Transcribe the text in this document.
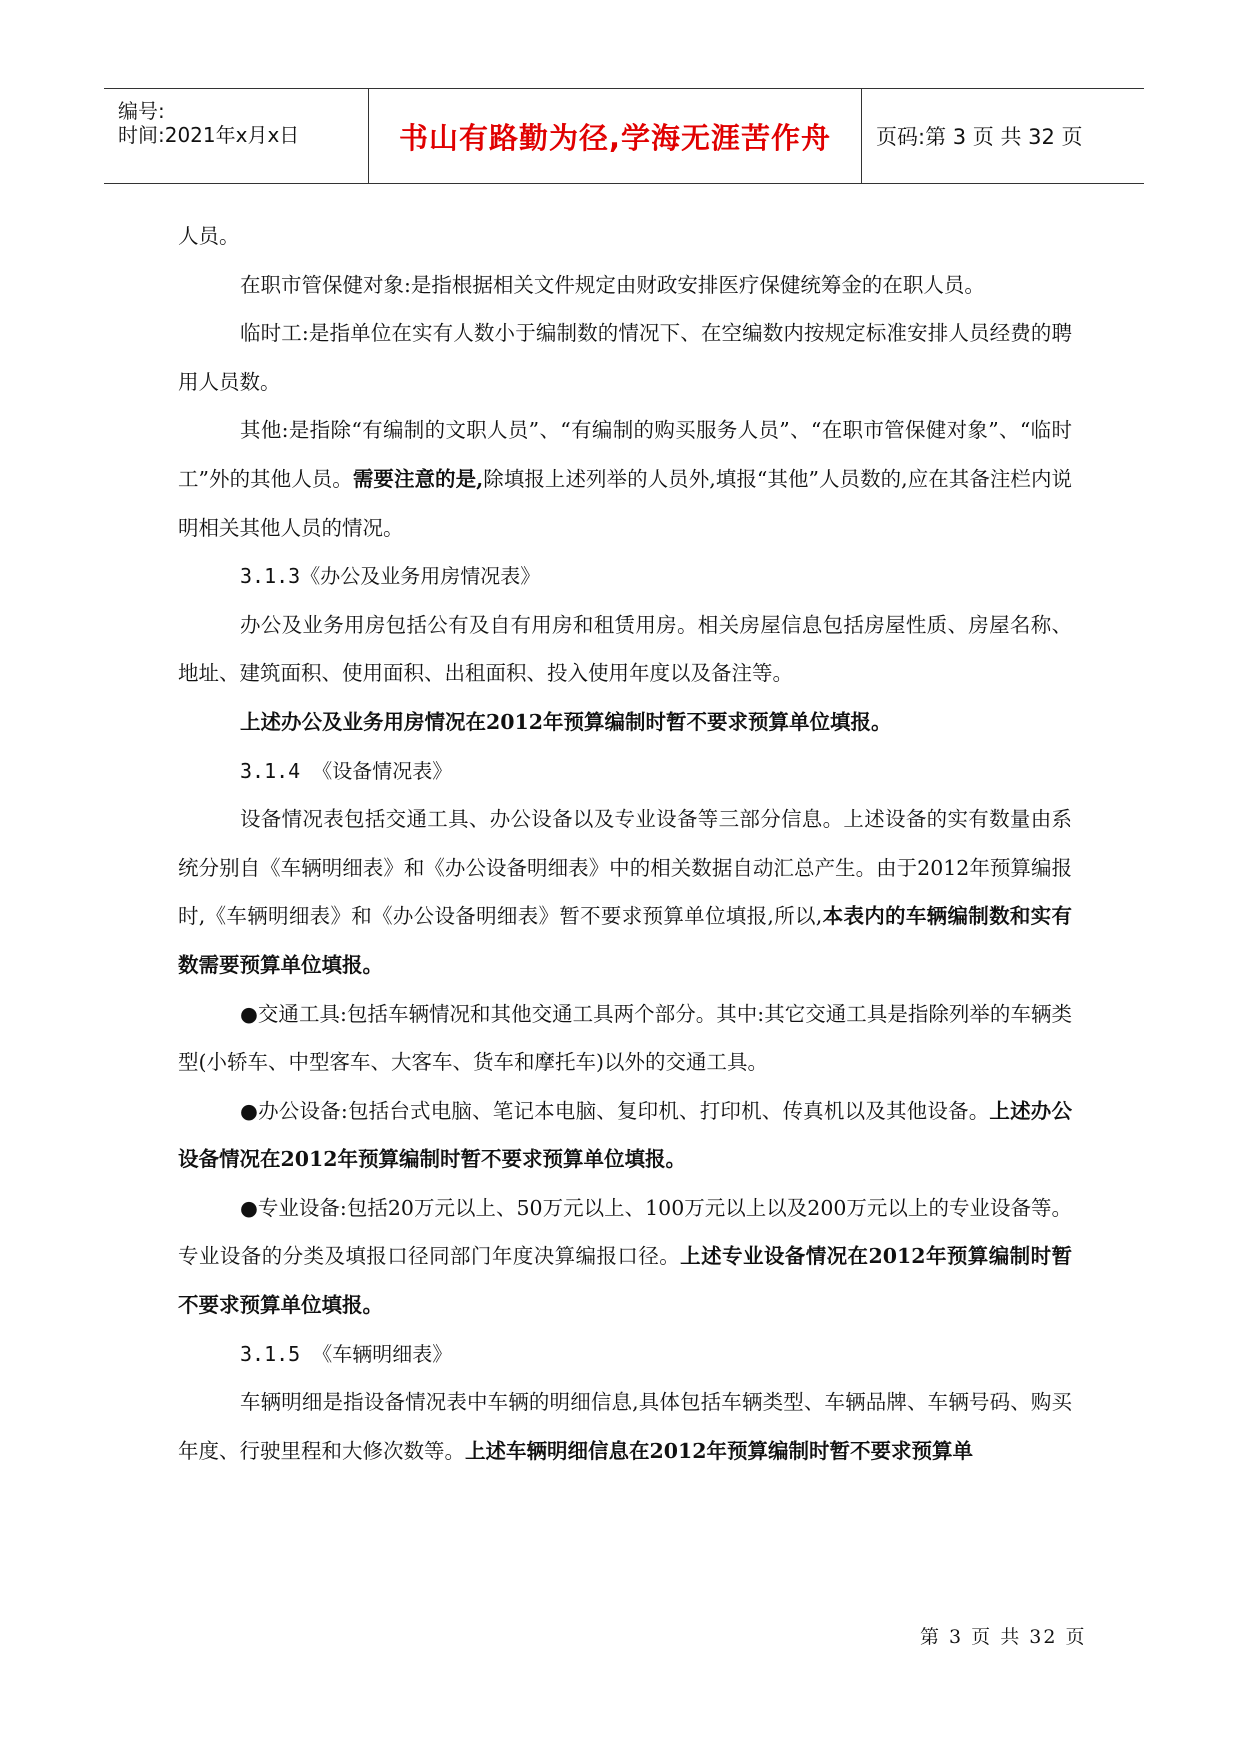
编号:
时间:2021年x月x日	书山有路勤为径,学海无涯苦作舟	页码:第 3 页 共 32 页

人员。

在职市管保健对象:是指根据相关文件规定由财政安排医疗保健统筹金的在职人员。

临时工:是指单位在实有人数小于编制数的情况下、在空编数内按规定标准安排人员经费的聘用人员数。

其他:是指除“有编制的文职人员”、“有编制的购买服务人员”、“在职市管保健对象”、“临时工”外的其他人员。需要注意的是,除填报上述列举的人员外,填报“其他”人员数的,应在其备注栏内说明相关其他人员的情况。

3.1.3《办公及业务用房情况表》

办公及业务用房包括公有及自有用房和租赁用房。相关房屋信息包括房屋性质、房屋名称、地址、建筑面积、使用面积、出租面积、投入使用年度以及备注等。

上述办公及业务用房情况在2012年预算编制时暂不要求预算单位填报。

3.1.4 《设备情况表》

设备情况表包括交通工具、办公设备以及专业设备等三部分信息。上述设备的实有数量由系统分别自《车辆明细表》和《办公设备明细表》中的相关数据自动汇总产生。由于2012年预算编报时,《车辆明细表》和《办公设备明细表》暂不要求预算单位填报,所以,本表内的车辆编制数和实有数需要预算单位填报。

●交通工具:包括车辆情况和其他交通工具两个部分。其中:其它交通工具是指除列举的车辆类型(小轿车、中型客车、大客车、货车和摩托车)以外的交通工具。

●办公设备:包括台式电脑、笔记本电脑、复印机、打印机、传真机以及其他设备。上述办公设备情况在2012年预算编制时暂不要求预算单位填报。

●专业设备:包括20万元以上、50万元以上、100万元以上以及200万元以上的专业设备等。专业设备的分类及填报口径同部门年度决算编报口径。上述专业设备情况在2012年预算编制时暂不要求预算单位填报。

3.1.5 《车辆明细表》

车辆明细是指设备情况表中车辆的明细信息,具体包括车辆类型、车辆品牌、车辆号码、购买年度、行驶里程和大修次数等。上述车辆明细信息在2012年预算编制时暂不要求预算单

第 3 页 共 32 页
